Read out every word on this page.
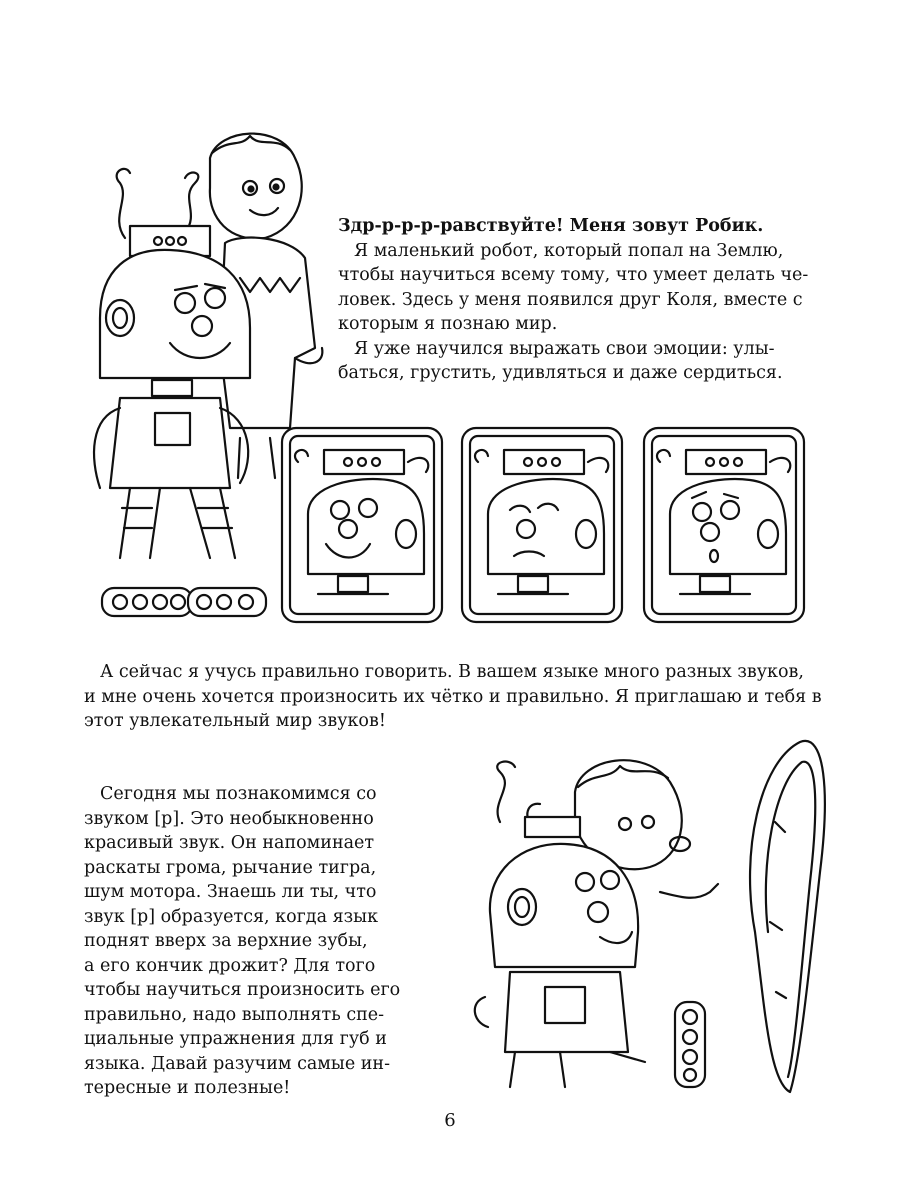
Здр-р-р-р-равствуйте! Меня зовут Робик.
Я маленький робот, который попал на Землю,
чтобы научиться всему тому, что умеет делать че-
ловек. Здесь у меня появился друг Коля, вместе с
которым я познаю мир.
Я уже научился выражать свои эмоции: улы-
баться, грустить, удивляться и даже сердиться.
А сейчас я учусь правильно говорить. В вашем языке много разных звуков,
и мне очень хочется произносить их чётко и правильно. Я приглашаю и тебя в
этот увлекательный мир звуков!
Сегодня мы познакомимся со
звуком [р]. Это необыкновенно
красивый звук. Он напоминает
раскаты грома, рычание тигра,
шум мотора. Знаешь ли ты, что
звук [р] образуется, когда язык
поднят вверх за верхние зубы,
а его кончик дрожит? Для того
чтобы научиться произносить его
правильно, надо выполнять спе-
циальные упражнения для губ и
языка. Давай разучим самые ин-
тересные и полезные!
6
